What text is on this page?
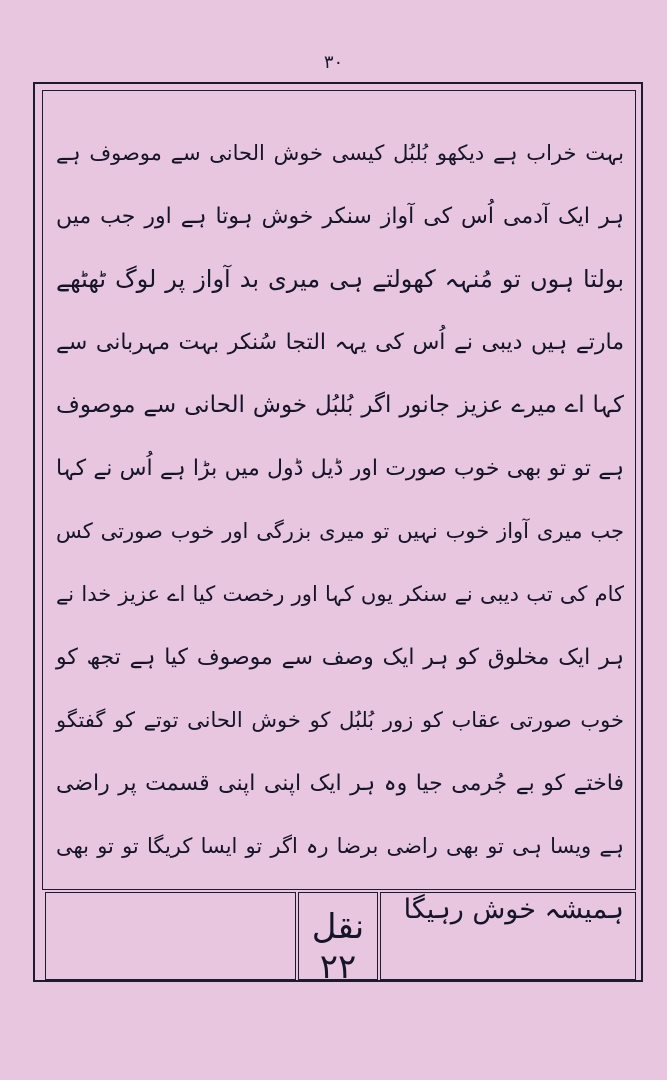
۳۰
بہت خراب ہے دیکھو بُلبُل کیسی خوش الحانی سے موصوف ہے
ہر ایک آدمی اُس کی آواز سنکر خوش ہوتا ہے اور جب میں
بولتا ہوں تو مُنہہ کھولتے ہی میری بد آواز پر لوگ ٹھٹھے
مارتے ہیں دیبی نے اُس کی یہہ التجا سُنکر بہت مہربانی سے
کہا اے میرے عزیز جانور اگر بُلبُل خوش الحانی سے موصوف
ہے تو تو بھی خوب صورت اور ڈیل ڈول میں بڑا ہے اُس نے کہا
جب میری آواز خوب نہیں تو میری بزرگی اور خوب صورتی کس
کام کی تب دیبی نے سنکر یوں کہا اور رخصت کیا اے عزیز خدا نے
ہر ایک مخلوق کو ہر ایک وصف سے موصوف کیا ہے تجھ کو
خوب صورتی عقاب کو زور بُلبُل کو خوش الحانی توتے کو گفتگو
فاختے کو بے جُرمی جیا وہ ہر ایک اپنی اپنی قسمت پر راضی
ہے ویسا ہی تو بھی راضی برضا رہ اگر تو ایسا کریگا تو تو بھی
ہمیشہ خوش رہیگا
نقل ۲۲
